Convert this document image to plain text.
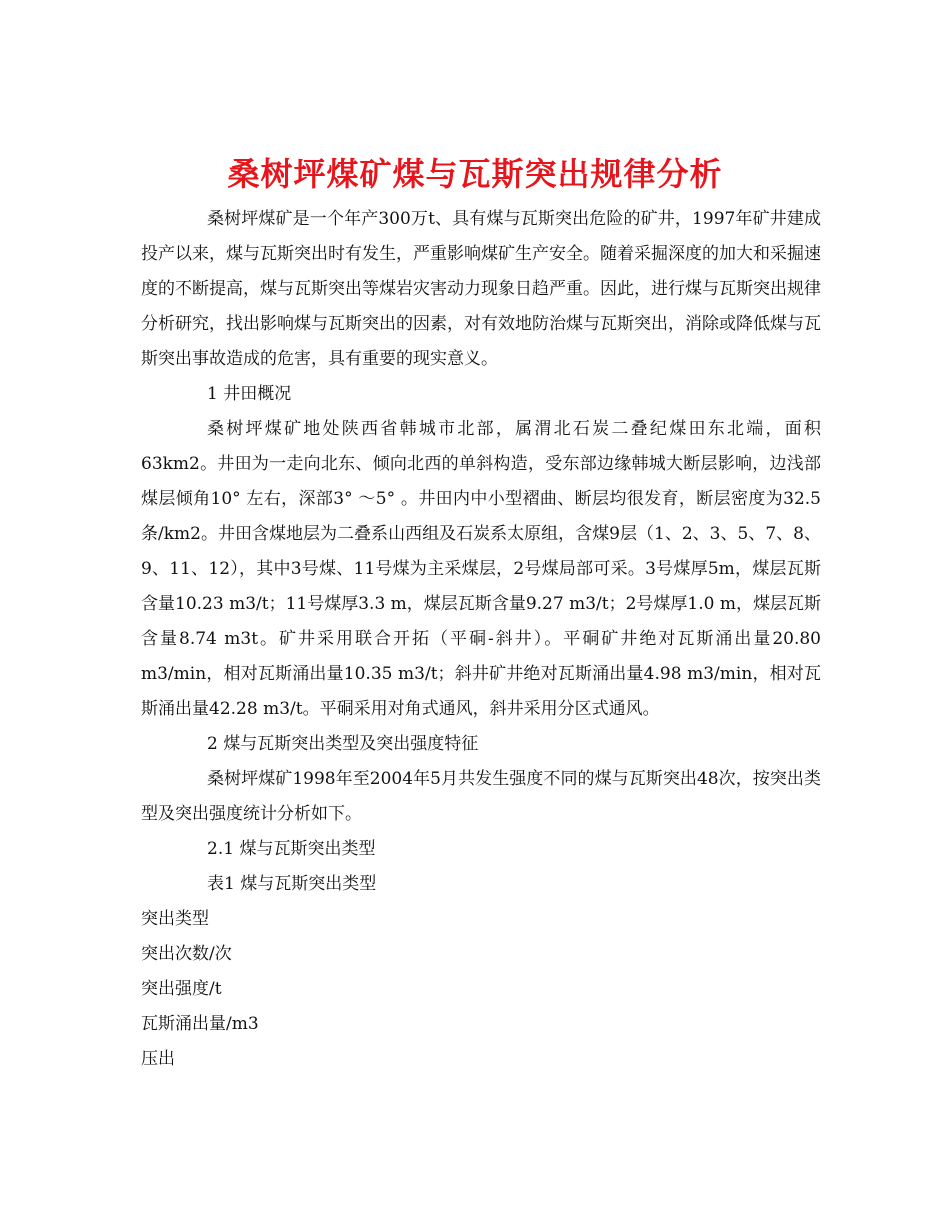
桑树坪煤矿煤与瓦斯突出规律分析

桑树坪煤矿是一个年产300万t、具有煤与瓦斯突出危险的矿井，1997年矿井建成投产以来，煤与瓦斯突出时有发生，严重影响煤矿生产安全。随着采掘深度的加大和采掘速度的不断提高，煤与瓦斯突出等煤岩灾害动力现象日趋严重。因此，进行煤与瓦斯突出规律分析研究，找出影响煤与瓦斯突出的因素，对有效地防治煤与瓦斯突出，消除或降低煤与瓦斯突出事故造成的危害，具有重要的现实意义。

1 井田概况

桑树坪煤矿地处陕西省韩城市北部，属渭北石炭二叠纪煤田东北端，面积63km2。井田为一走向北东、倾向北西的单斜构造，受东部边缘韩城大断层影响，边浅部煤层倾角10° 左右，深部3° ～5° 。井田内中小型褶曲、断层均很发育，断层密度为32.5条/km2。井田含煤地层为二叠系山西组及石炭系太原组，含煤9层（1、2、3、5、7、8、9、11、12），其中3号煤、11号煤为主采煤层，2号煤局部可采。3号煤厚5m，煤层瓦斯含量10.23 m3/t；11号煤厚3.3 m，煤层瓦斯含量9.27 m3/t；2号煤厚1.0 m，煤层瓦斯含量8.74 m3t。矿井采用联合开拓（平硐-斜井）。平硐矿井绝对瓦斯涌出量20.80 m3/min，相对瓦斯涌出量10.35 m3/t；斜井矿井绝对瓦斯涌出量4.98 m3/min，相对瓦斯涌出量42.28 m3/t。平硐采用对角式通风，斜井采用分区式通风。

2 煤与瓦斯突出类型及突出强度特征

桑树坪煤矿1998年至2004年5月共发生强度不同的煤与瓦斯突出48次，按突出类型及突出强度统计分析如下。

2.1 煤与瓦斯突出类型

表1 煤与瓦斯突出类型

突出类型

突出次数/次

突出强度/t

瓦斯涌出量/m3

压出
